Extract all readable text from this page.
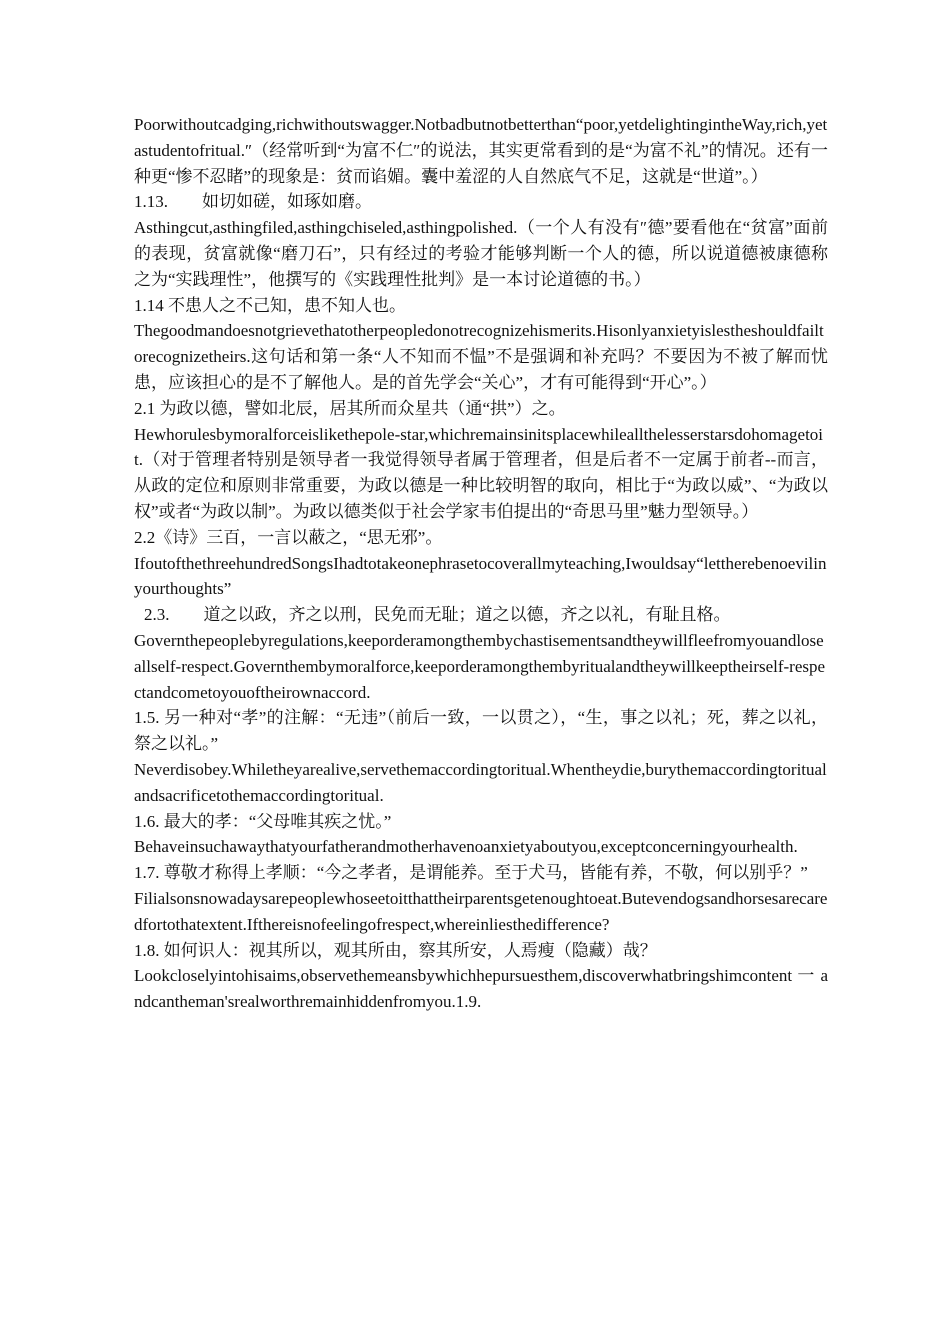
Poorwithoutcadging,richwithoutswagger.Notbadbutnotbetterthan“poor,yetdelightingintheWay,rich,yetastudentofritual.″（经常听到“为富不仁″的说法，其实更常看到的是“为富不礼”的情况。还有一种更“惨不忍睹”的现象是：贫而谄媚。囊中羞涩的人自然底气不足，这就是“世道”。）

1.13.　　如切如磋，如琢如磨。

Asthingcut,asthingfiled,asthingchiseled,asthingpolished.（一个人有没有″德”要看他在“贫富”面前的表现，贫富就像“磨刀石”，只有经过的考验才能够判断一个人的德，所以说道德被康德称之为“实践理性”，他撰写的《实践理性批判》是一本讨论道德的书。）

1.14 不患人之不己知，患不知人也。

Thegoodmandoesnotgrievethatotherpeopledonotrecognizehismerits.Hisonlyanxietyislestheshouldfailtorecognizetheirs.这句话和第一条“人不知而不愠”不是强调和补充吗？不要因为不被了解而忧患，应该担心的是不了解他人。是的首先学会“关心”，才有可能得到“开心”。）

2.1 为政以德，譬如北辰，居其所而众星共（通“拱”）之。

Hewhorulesbymoralforceislikethepole-star,whichremainsinitsplacewhileallthelesserstarsdohomagetoit.（对于管理者特别是领导者一我觉得领导者属于管理者，但是后者不一定属于前者--而言，从政的定位和原则非常重要，为政以德是一种比较明智的取向，相比于“为政以威”、“为政以权”或者“为政以制”。为政以德类似于社会学家韦伯提出的“奇思马里”魅力型领导。）

2.2《诗》三百，一言以蔽之，“思无邪”。

IfoutofthethreehundredSongsIhadtotakeonephrasetocoverallmyteaching,Iwouldsay“lettherebenoevilinyourthoughts”

2.3.　　道之以政，齐之以刑，民免而无耻；道之以德，齐之以礼，有耻且格。

Governthepeoplebyregulations,keeporderamongthembychastisementsandtheywillfleefromyouandloseallself-respect.Governthembymoralforce,keeporderamongthembyritualandtheywillkeeptheirself-respectandcometoyouoftheirownaccord.

1.5. 另一种对“孝”的注解：“无违”（前后一致，一以贯之），“生，事之以礼；死，葬之以礼，祭之以礼。”

Neverdisobey.Whiletheyarealive,servethemaccordingtoritual.Whentheydie,burythemaccordingtoritualandsacrificetothemaccordingtoritual.

1.6. 最大的孝：“父母唯其疾之忧。”

Behaveinsuchawaythatyourfatherandmotherhavenoanxietyaboutyou,exceptconcerningyourhealth.

1.7. 尊敬才称得上孝顺：“今之孝者，是谓能养。至于犬马，皆能有养，不敬，何以别乎？”

Filialsonsnowadaysarepeoplewhoseetoitthattheirparentsgetenoughtoeat.Butevendogsandhorsesarecaredfortothatextent.Ifthereisnofeelingofrespect,whereinliesthedifference?

1.8. 如何识人：视其所以，观其所由，察其所安，人焉瘦（隐藏）哉？

Lookcloselyintohisaims,observethemeansbywhichhepursuesthem,discoverwhatbringshimcontent 一 andcantheman'srealworthremainhiddenfromyou.1.9.
